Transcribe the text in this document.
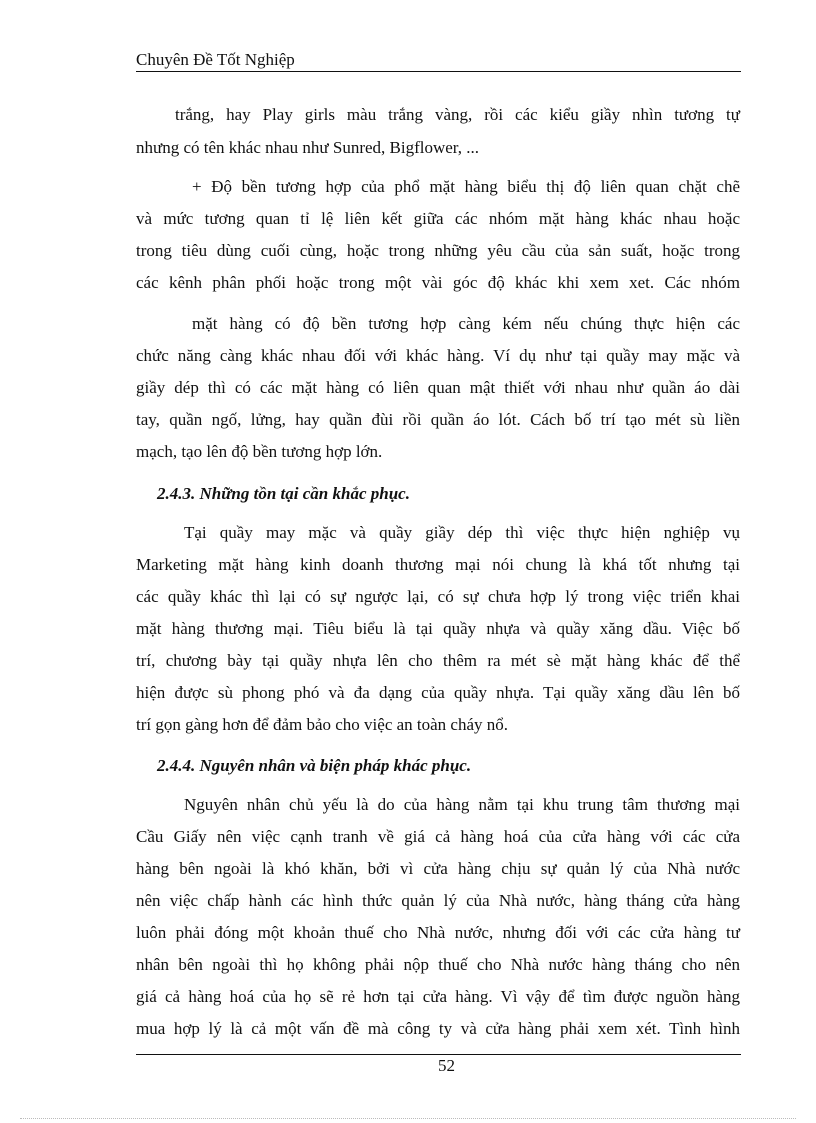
Chuyên Đề Tốt Nghiệp
trắng, hay Play girls màu trắng vàng, rồi các kiểu giầy nhìn tương tự
nhưng có tên khác nhau như Sunred, Bigflower, ...
+ Độ bền tương hợp của phổ mặt hàng biểu thị độ liên quan chặt chẽ
và mức tương quan tỉ lệ liên kết giữa các nhóm mặt hàng khác nhau hoặc
trong tiêu dùng cuối cùng, hoặc trong những yêu cầu của sản suất, hoặc trong
các kênh phân phối hoặc trong một vài góc độ khác khi xem xet. Các nhóm
mặt hàng có độ bền tương hợp càng kém nếu chúng thực hiện các
chức năng càng khác nhau đối với khác hàng. Ví dụ như tại quầy may mặc và
giầy dép thì có các mặt hàng có liên quan mật thiết với nhau như quần áo dài
tay, quần ngố, lửng, hay quần đùi rồi quần áo lót. Cách bố trí tạo mét sù liền
mạch, tạo lên độ bền tương hợp lớn.
2.4.3. Những tồn tại cần khắc phục.
Tại quầy may mặc và quầy giầy dép thì việc thực hiện nghiệp vụ
Marketing mặt hàng kinh doanh thương mại nói chung là khá tốt nhưng tại
các quầy khác thì lại có sự ngược lại, có sự chưa hợp lý trong việc triển khai
mặt hàng thương mại. Tiêu biểu là tại quầy nhựa và quầy xăng dầu. Việc bố
trí, chương bày tại quầy nhựa lên cho thêm ra mét sè mặt hàng khác để thể
hiện được sù phong phó và đa dạng của quầy nhựa. Tại quầy xăng dầu lên bố
trí gọn gàng hơn để đảm bảo cho việc an toàn cháy nổ.
2.4.4. Nguyên nhân và biện pháp khác phục.
Nguyên nhân chủ yếu là do của hàng nằm tại khu trung tâm thương mại
Cầu Giấy nên việc cạnh tranh về giá cả hàng hoá của cửa hàng với các cửa
hàng bên ngoài là khó khăn, bởi vì cửa hàng chịu sự quản lý của Nhà nước
nên việc chấp hành các hình thức quản lý của Nhà nước, hàng tháng cửa hàng
luôn phải đóng một khoản thuế cho Nhà nước, nhưng đối với các cửa hàng tư
nhân bên ngoài thì họ không phải nộp thuế cho Nhà nước hàng tháng cho nên
giá cả hàng hoá của họ sẽ rẻ hơn tại cửa hàng. Vì vậy để tìm được nguồn hàng
mua hợp lý là cả một vấn đề mà công ty và cửa hàng phải xem xét. Tình hình
52
